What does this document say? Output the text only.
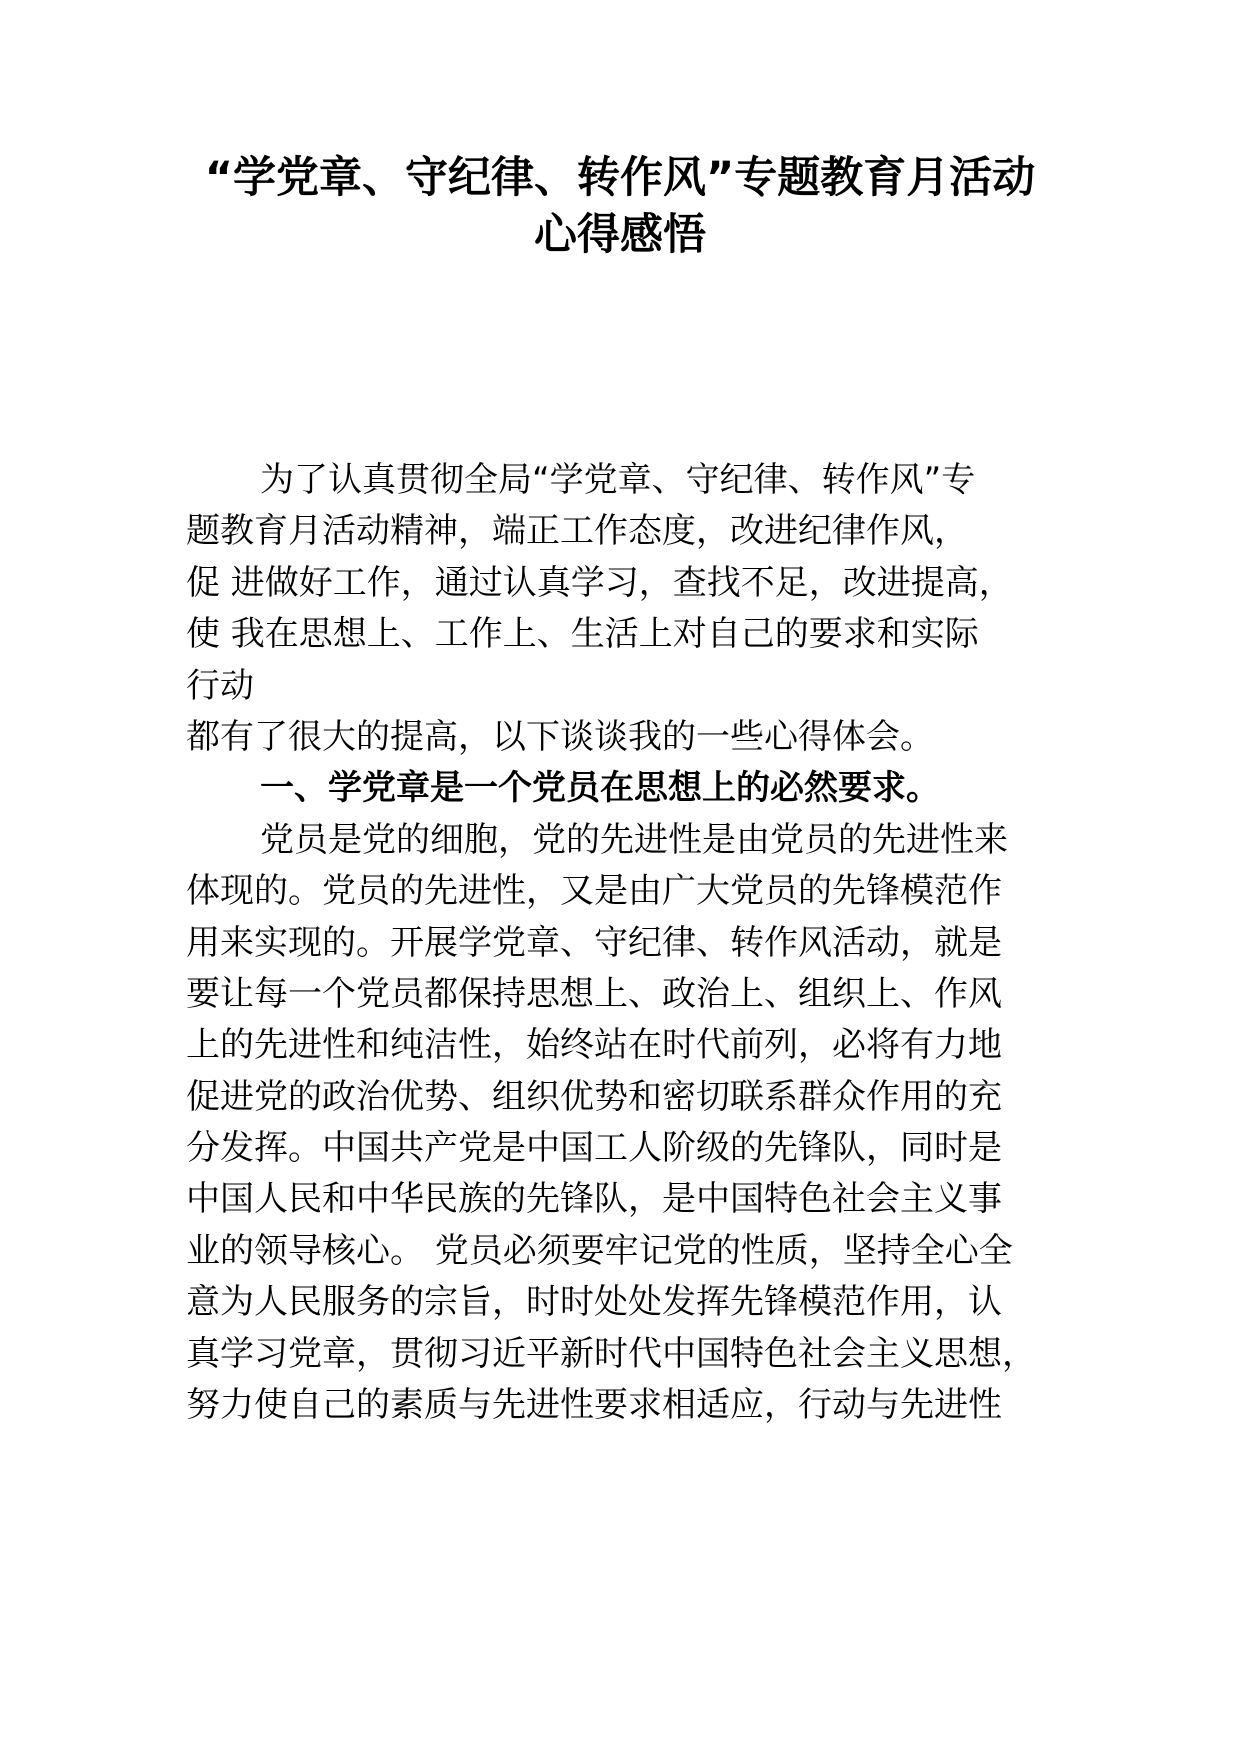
“学党章、守纪律、转作风”专题教育月活动
心得感悟
为了认真贯彻全局“学党章、守纪律、转作风”专
题教育月活动精神，端正工作态度，改进纪律作风，
促 进做好工作，通过认真学习，查找不足，改进提高，
使 我在思想上、工作上、生活上对自己的要求和实际
行动
都有了很大的提高，以下谈谈我的一些心得体会。
一、学党章是一个党员在思想上的必然要求。
党员是党的细胞，党的先进性是由党员的先进性来
体现的。党员的先进性，又是由广大党员的先锋模范作
用来实现的。开展学党章、守纪律、转作风活动，就是
要让每一个党员都保持思想上、政治上、组织上、作风
上的先进性和纯洁性，始终站在时代前列，必将有力地
促进党的政治优势、组织优势和密切联系群众作用的充
分发挥。中国共产党是中国工人阶级的先锋队，同时是
中国人民和中华民族的先锋队，是中国特色社会主义事
业的领导核心。 党员必须要牢记党的性质，坚持全心全
意为人民服务的宗旨，时时处处发挥先锋模范作用，认
真学习党章，贯彻习近平新时代中国特色社会主义思想，
努力使自己的素质与先进性要求相适应，行动与先进性
